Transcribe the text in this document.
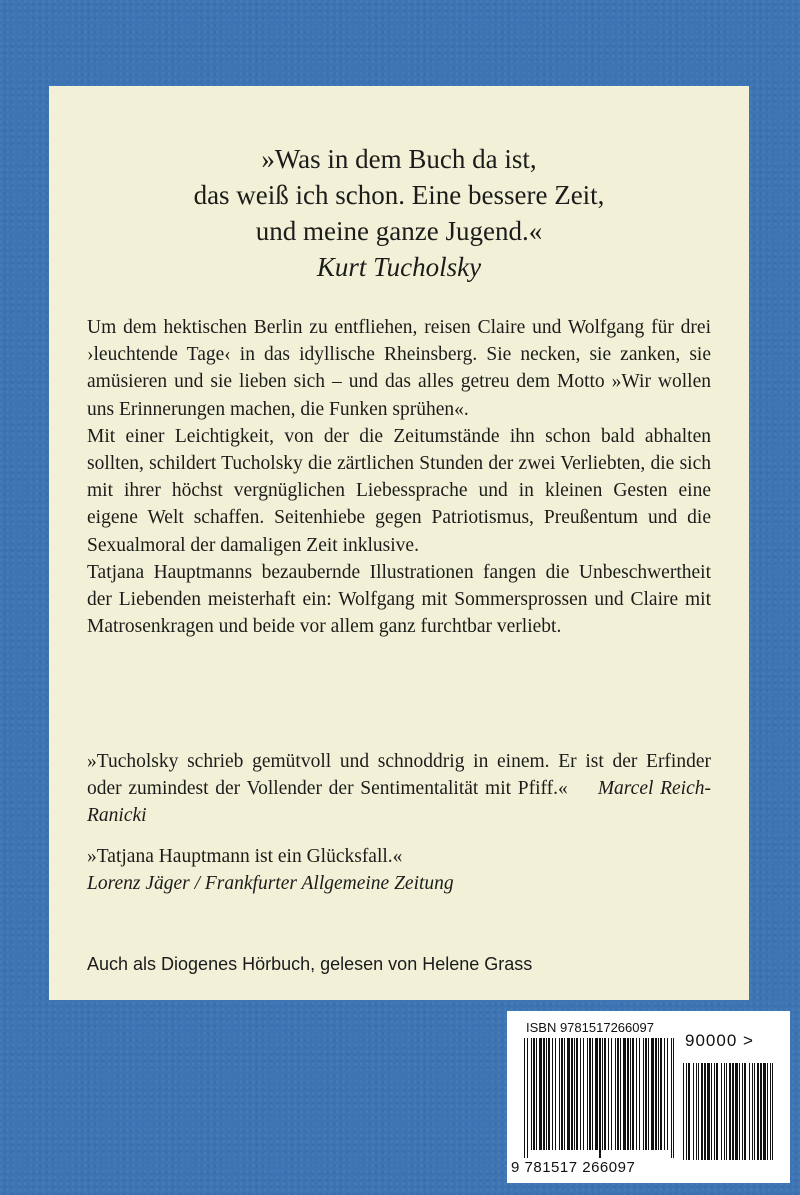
»Was in dem Buch da ist,
das weiß ich schon. Eine bessere Zeit,
und meine ganze Jugend.«
Kurt Tucholsky

Um dem hektischen Berlin zu entfliehen, reisen Claire und Wolfgang für drei ›leuchtende Tage‹ in das idyllische Rheinsberg. Sie necken, sie zanken, sie amüsieren und sie lieben sich – und das alles getreu dem Motto »Wir wollen uns Erinnerungen machen, die Funken sprühen«.

Mit einer Leichtigkeit, von der die Zeitumstände ihn schon bald abhalten sollten, schildert Tucholsky die zärtlichen Stunden der zwei Verliebten, die sich mit ihrer höchst vergnüglichen Liebessprache und in kleinen Gesten eine eigene Welt schaffen. Seitenhiebe gegen Patriotismus, Preußentum und die Sexualmoral der damaligen Zeit inklusive.

Tatjana Hauptmanns bezaubernde Illustrationen fangen die Unbeschwertheit der Liebenden meisterhaft ein: Wolfgang mit Sommersprossen und Claire mit Matrosenkragen und beide vor allem ganz furchtbar verliebt.

»Tucholsky schrieb gemütvoll und schnoddrig in einem. Er ist der Erfinder oder zumindest der Vollender der Sentimentalität mit Pfiff.« Marcel Reich-Ranicki
»Tatjana Hauptmann ist ein Glücksfall.«
Lorenz Jäger / Frankfurter Allgemeine Zeitung
Auch als Diogenes Hörbuch, gelesen von Helene Grass
ISBN 9781517266097
90000 >
9 781517 266097
